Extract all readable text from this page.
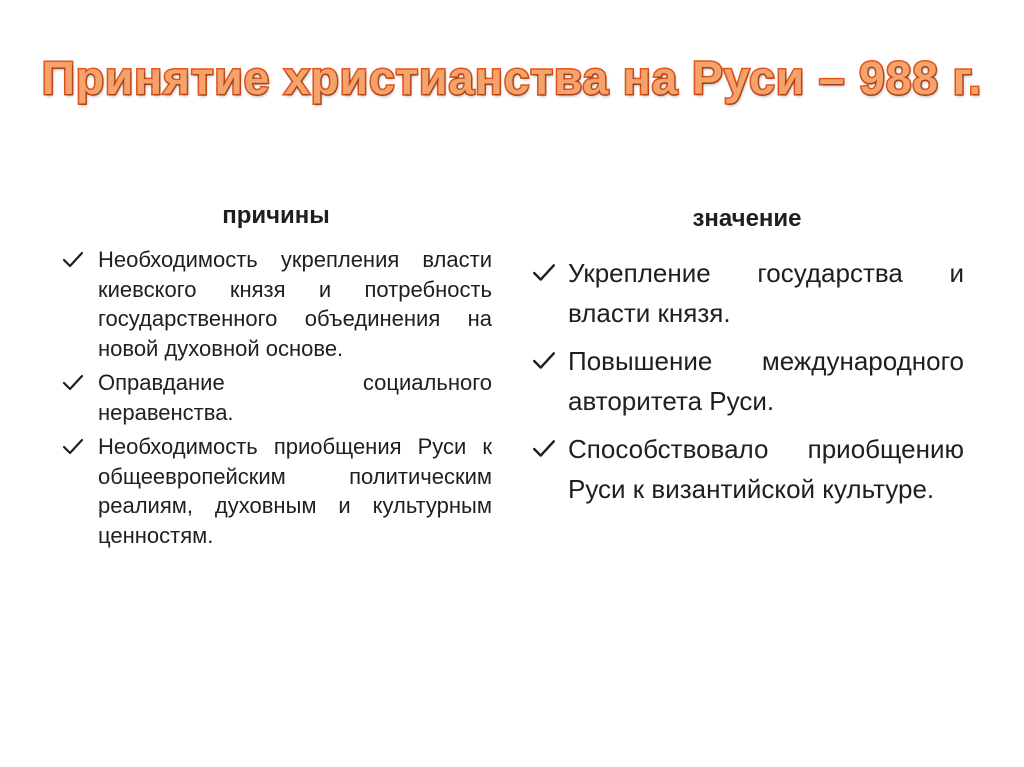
Принятие христианства на Руси – 988 г.
причины
Необходимость укрепления власти киевского князя и потребность государственного объединения на новой духовной основе.
Оправдание социального неравенства.
Необходимость приобщения Руси к общеевропейским политическим реалиям, духовным и культурным ценностям.
значение
Укрепление государства и власти князя.
Повышение международного авторитета Руси.
Способствовало приобщению Руси к византийской культуре.
